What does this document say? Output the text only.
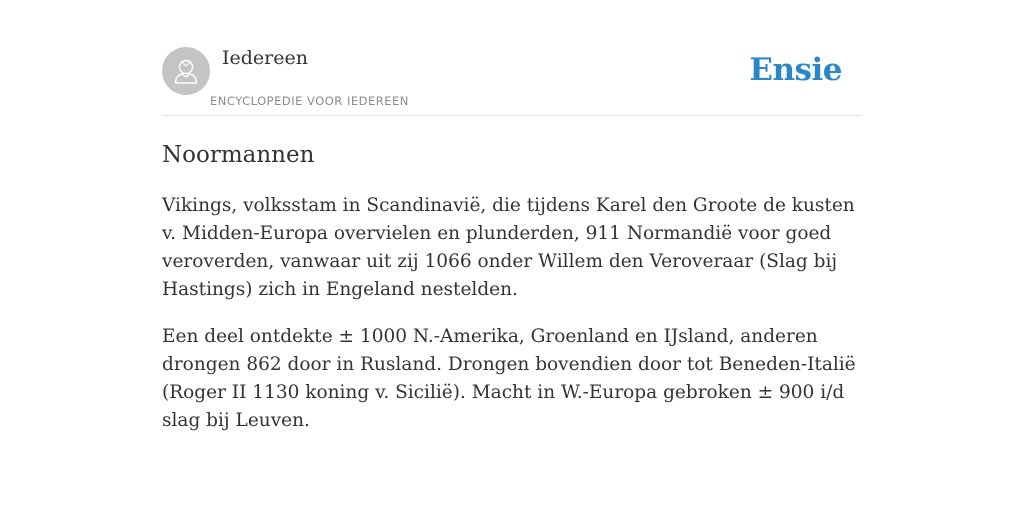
Iedereen
ENCYCLOPEDIE VOOR IEDEREEN
Ensie
Noormannen

Vikings, volksstam in Scandinavië, die tijdens Karel den Groote de kusten v. Midden-Europa overvielen en plunderden, 911 Normandië voor goed veroverden, vanwaar uit zij 1066 onder Willem den Veroveraar (Slag bij Hastings) zich in Engeland nestelden.

Een deel ontdekte ± 1000 N.-Amerika, Groenland en IJsland, anderen drongen 862 door in Rusland. Drongen bovendien door tot Beneden-Italië (Roger II 1130 koning v. Sicilië). Macht in W.-Europa gebroken ± 900 i/d slag bij Leuven.
